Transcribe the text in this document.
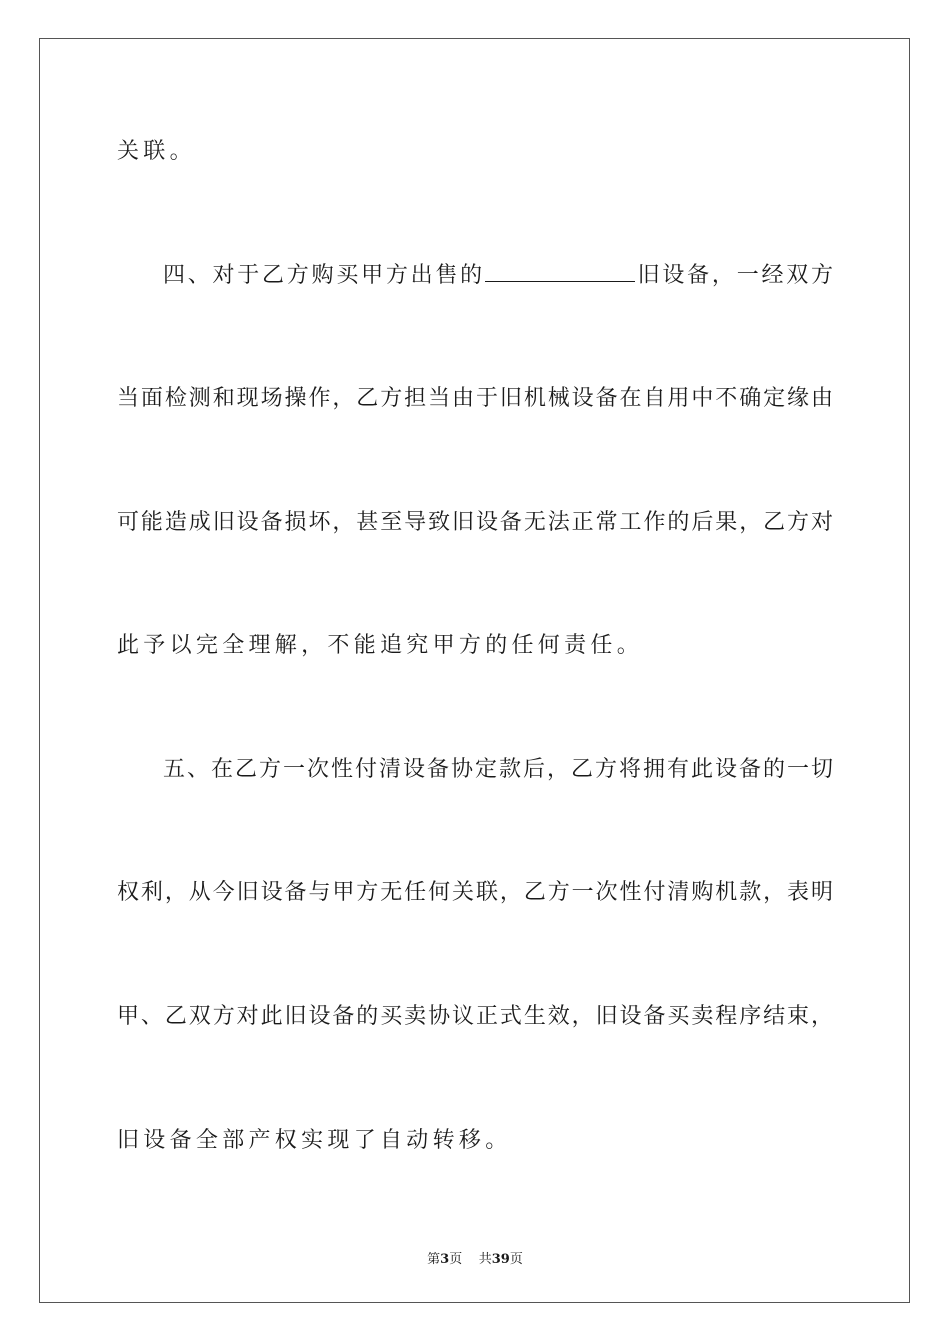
关联。
四、对于乙方购买甲方出售的	旧设备，一经双方
当面检测和现场操作，乙方担当由于旧机械设备在自用中不确定缘由
可能造成旧设备损坏，甚至导致旧设备无法正常工作的后果，乙方对
此予以完全理解，不能追究甲方的任何责任。
五、在乙方一次性付清设备协定款后，乙方将拥有此设备的一切
权利，从今旧设备与甲方无任何关联，乙方一次性付清购机款，表明
甲、乙双方对此旧设备的买卖协议正式生效，旧设备买卖程序结束，
旧设备全部产权实现了自动转移。
第3页 共39页
